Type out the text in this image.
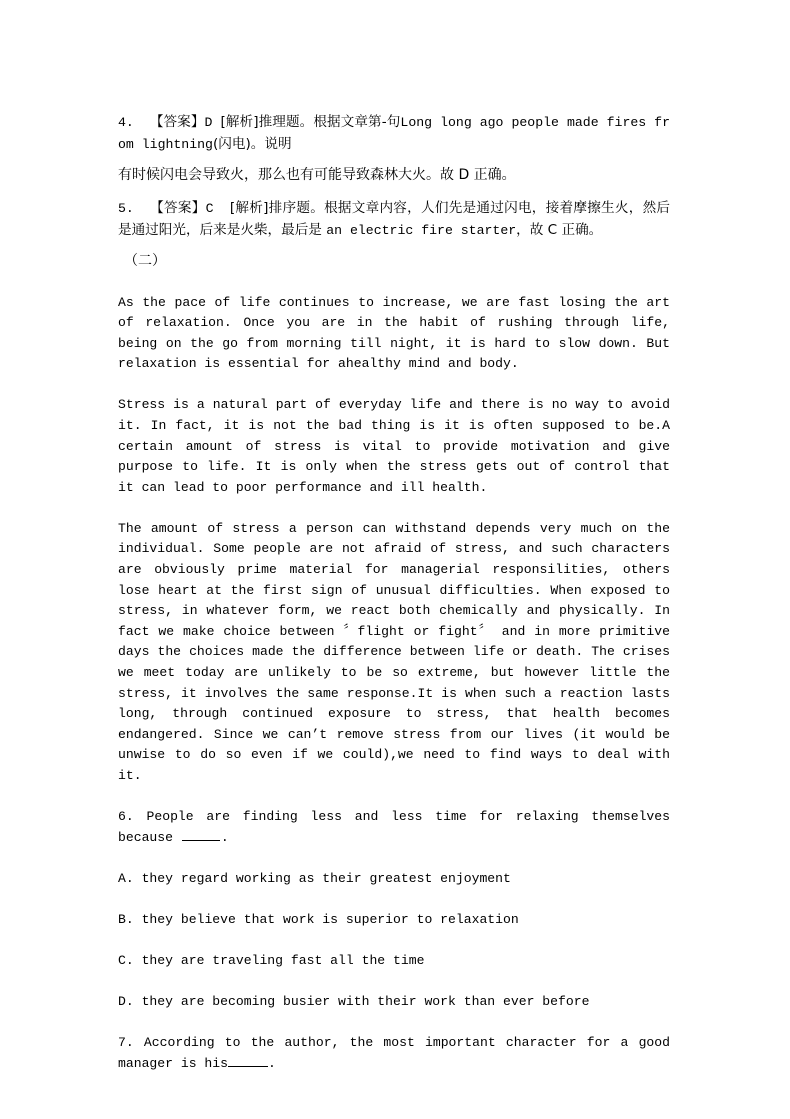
4. 【答案】D [解析]推理题。根据文章第-句Long long ago people made fires from lightning(闪电)。说明

有时候闪电会导致火，那么也有可能导致森林大火。故 D 正确。

5. 【答案】C [解析]排序题。根据文章内容，人们先是通过闪电，接着摩擦生火，然后是通过阳光，后来是火柴，最后是 an electric fire starter，故 C 正确。

（二）

As the pace of life continues to increase, we are fast losing the art of relaxation. Once you are in the habit of rushing through life, being on the go from morning till night, it is hard to slow down. But relaxation is essential for ahealthy mind and body.

Stress is a natural part of everyday life and there is no way to avoid it. In fact, it is not the bad thing is it is often supposed to be.A certain amount of stress is vital to provide motivation and give purpose to life. It is only when the stress gets out of control that it can lead to poor performance and ill health.

The amount of stress a person can withstand depends very much on the individual. Some people are not afraid of stress, and such characters are obviously prime material for managerial responsilities, others lose heart at the first sign of unusual difficulties. When exposed to stress, in whatever form, we react both chemically and physically. In fact we make choice between 〞flight or fight〞 and in more primitive days the choices made the difference between life or death. The crises we meet today are unlikely to be so extreme, but however little the stress, it involves the same response.It is when such a reaction lasts long, through continued exposure to stress, that health becomes endangered. Since we can’t remove stress from our lives (it would be unwise to do so even if we could),we need to find ways to deal with it.

6. People are finding less and less time for relaxing themselves because	.

A. they regard working as their greatest enjoyment

B. they believe that work is superior to relaxation

C. they are traveling fast all the time

D. they are becoming busier with their work than ever before

7. According to the author, the most important character for a good manager is his	.
